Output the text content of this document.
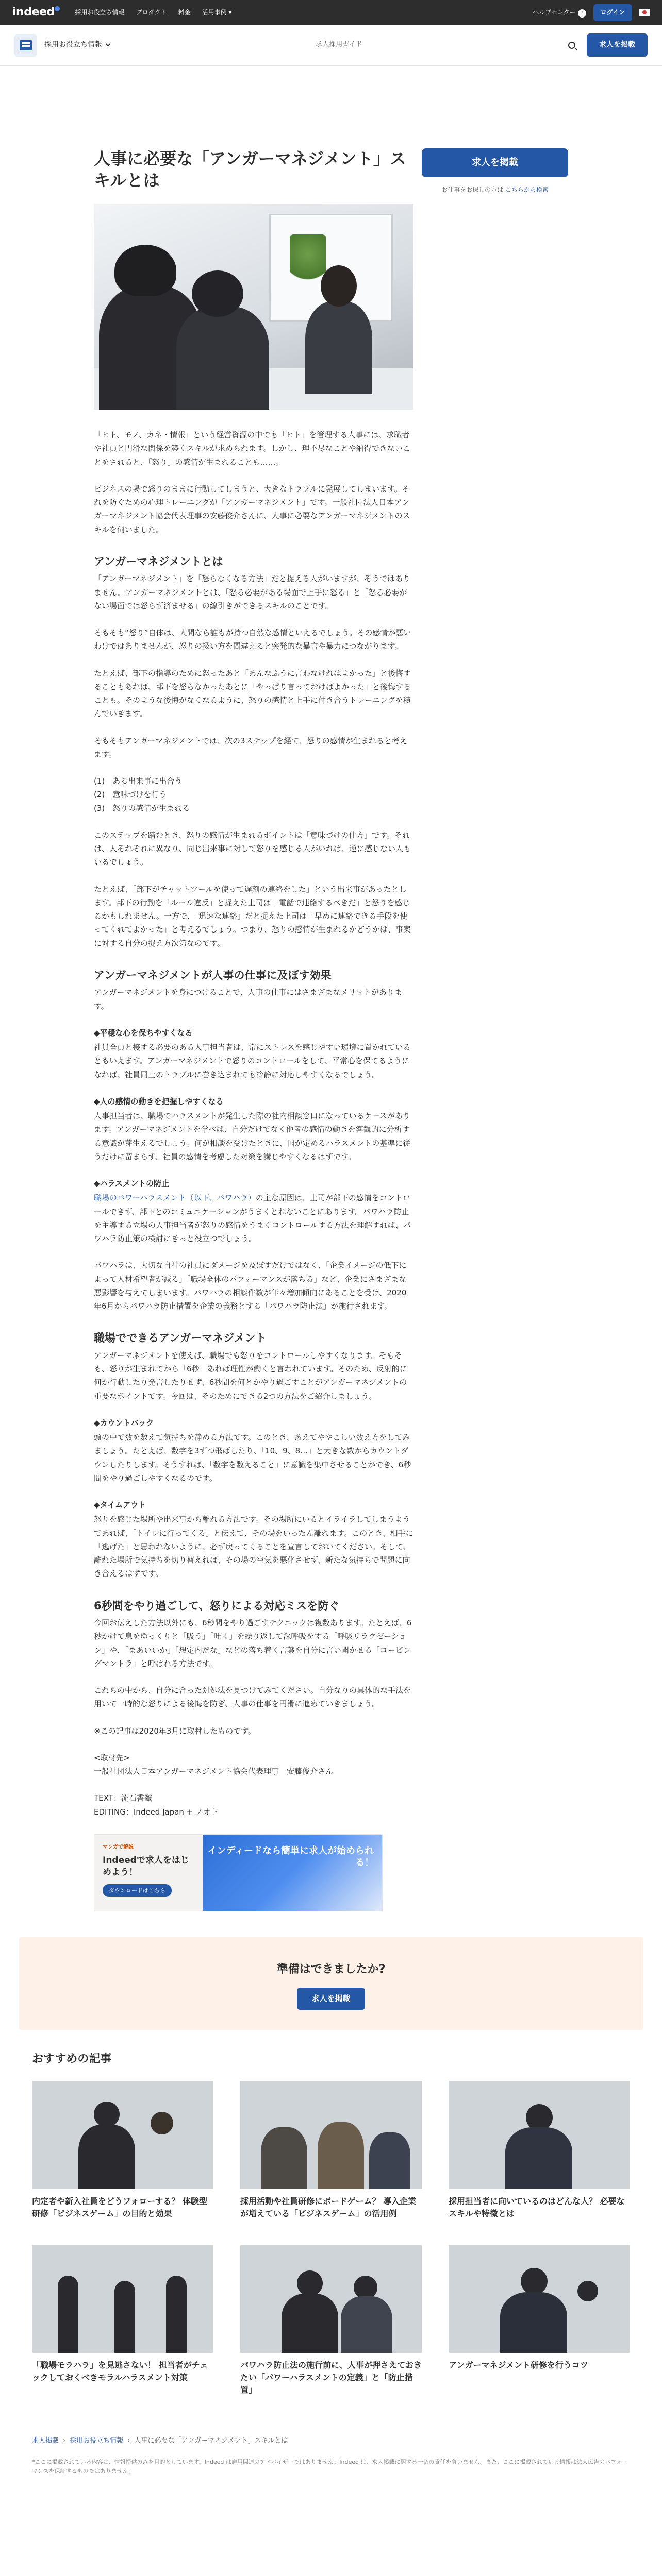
indeed	採用お役立ち情報 プロダクト 料金 活用事例 ▾	ヘルプセンター ?	ログイン
採用お役立ち情報	求人採用ガイド	求人を掲載
求人を掲載
お仕事をお探しの方は こちらから検索
人事に必要な「アンガーマネジメント」スキルとは

「ヒト、モノ、カネ・情報」という経営資源の中でも「ヒト」を管理する人事には、求職者や社員と円滑な関係を築くスキルが求められます。しかし、理不尽なことや納得できないことをされると、「怒り」の感情が生まれることも……。

ビジネスの場で怒りのままに行動してしまうと、大きなトラブルに発展してしまいます。それを防ぐための心理トレーニングが「アンガーマネジメント」です。一般社団法人日本アンガーマネジメント協会代表理事の安藤俊介さんに、人事に必要なアンガーマネジメントのスキルを伺いました。

アンガーマネジメントとは

「アンガーマネジメント」を「怒らなくなる方法」だと捉える人がいますが、そうではありません。アンガーマネジメントとは、「怒る必要がある場面で上手に怒る」と「怒る必要がない場面では怒らず済ませる」の線引きができるスキルのことです。

そもそも“怒り”自体は、人間なら誰もが持つ自然な感情といえるでしょう。その感情が悪いわけではありませんが、怒りの扱い方を間違えると突発的な暴言や暴力につながります。

たとえば、部下の指導のために怒ったあと「あんなふうに言わなければよかった」と後悔することもあれば、部下を怒らなかったあとに「やっぱり言っておけばよかった」と後悔することも。そのような後悔がなくなるように、怒りの感情と上手に付き合うトレーニングを積んでいきます。

そもそもアンガーマネジメントでは、次の3ステップを経て、怒りの感情が生まれると考えます。

(1)　ある出来事に出合う
(2)　意味づけを行う
(3)　怒りの感情が生まれる

このステップを踏むとき、怒りの感情が生まれるポイントは「意味づけの仕方」です。それは、人それぞれに異なり、同じ出来事に対して怒りを感じる人がいれば、逆に感じない人もいるでしょう。

たとえば、「部下がチャットツールを使って遅刻の連絡をした」という出来事があったとします。部下の行動を「ルール違反」と捉えた上司は「電話で連絡するべきだ」と怒りを感じるかもしれません。一方で、「迅速な連絡」だと捉えた上司は「早めに連絡できる手段を使ってくれてよかった」と考えるでしょう。つまり、怒りの感情が生まれるかどうかは、事案に対する自分の捉え方次第なのです。

アンガーマネジメントが人事の仕事に及ぼす効果

アンガーマネジメントを身につけることで、人事の仕事にはさまざまなメリットがあります。

◆平穏な心を保ちやすくなる

社員全員と接する必要のある人事担当者は、常にストレスを感じやすい環境に置かれているともいえます。アンガーマネジメントで怒りのコントロールをして、平常心を保てるようになれば、社員同士のトラブルに巻き込まれても冷静に対応しやすくなるでしょう。

◆人の感情の動きを把握しやすくなる

人事担当者は、職場でハラスメントが発生した際の社内相談窓口になっているケースがあります。アンガーマネジメントを学べば、自分だけでなく他者の感情の動きを客観的に分析する意識が芽生えるでしょう。何が相談を受けたときに、国が定めるハラスメントの基準に従うだけに留まらず、社員の感情を考慮した対策を講じやすくなるはずです。

◆ハラスメントの防止

職場のパワーハラスメント（以下、パワハラ）の主な原因は、上司が部下の感情をコントロールできず、部下とのコミュニケーションがうまくとれないことにあります。パワハラ防止を主導する立場の人事担当者が怒りの感情をうまくコントロールする方法を理解すれば、パワハラ防止策の検討にきっと役立つでしょう。

パワハラは、大切な自社の社員にダメージを及ぼすだけではなく、「企業イメージの低下によって人材希望者が減る」「職場全体のパフォーマンスが落ちる」など、企業にさまざまな悪影響を与えてしまいます。パワハラの相談件数が年々増加傾向にあることを受け、2020年6月からパワハラ防止措置を企業の義務とする「パワハラ防止法」が施行されます。

職場でできるアンガーマネジメント

アンガーマネジメントを使えば、職場でも怒りをコントロールしやすくなります。そもそも、怒りが生まれてから「6秒」あれば理性が働くと言われています。そのため、反射的に何か行動したり発言したりせず、6秒間を何とかやり過ごすことがアンガーマネジメントの重要なポイントです。今回は、そのためにできる2つの方法をご紹介しましょう。

◆カウントバック

頭の中で数を数えて気持ちを静める方法です。このとき、あえてややこしい数え方をしてみましょう。たとえば、数字を3ずつ飛ばしたり、「10、9、8…」と大きな数からカウントダウンしたりします。そうすれば、「数字を数えること」に意識を集中させることができ、6秒間をやり過ごしやすくなるのです。

◆タイムアウト

怒りを感じた場所や出来事から離れる方法です。その場所にいるとイライラしてしまうようであれば、「トイレに行ってくる」と伝えて、その場をいったん離れます。このとき、相手に「逃げた」と思われないように、必ず戻ってくることを宣言しておいてください。そして、離れた場所で気持ちを切り替えれば、その場の空気を悪化させず、新たな気持ちで問題に向き合えるはずです。

6秒間をやり過ごして、怒りによる対応ミスを防ぐ

今回お伝えした方法以外にも、6秒間をやり過ごすテクニックは複数あります。たとえば、6秒かけて息をゆっくりと「吸う」「吐く」を繰り返して深呼吸をする「呼吸リラクゼーション」や、「まあいいか」「想定内だな」などの落ち着く言葉を自分に言い聞かせる「コーピングマントラ」と呼ばれる方法です。

これらの中から、自分に合った対処法を見つけてみてください。自分なりの具体的な手法を用いて一時的な怒りによる後悔を防ぎ、人事の仕事を円滑に進めていきましょう。

※この記事は2020年3月に取材したものです。

<取材先>

一般社団法人日本アンガーマネジメント協会代表理事　安藤俊介さん

TEXT：流石香織

EDITING：Indeed Japan + ノオト

マンガで解説
Indeedで求人をはじめよう！
ダウンロードはこちら
インディードなら簡単に求人が始められる！
準備はできましたか?
求人を掲載
おすすめの記事
内定者や新入社員をどうフォローする？ 体験型研修「ビジネスゲーム」の目的と効果
採用活動や社員研修にボードゲーム？ 導入企業が増えている「ビジネスゲーム」の活用例
採用担当者に向いているのはどんな人？ 必要なスキルや特徴とは
「職場モラハラ」を見逃さない！ 担当者がチェックしておくべきモラルハラスメント対策
パワハラ防止法の施行前に、人事が押さえておきたい「パワーハラスメントの定義」と「防止措置」
アンガーマネジメント研修を行うコツ
求人掲載 › 採用お役立ち情報 › 人事に必要な「アンガーマネジメント」スキルとは
*ここに掲載されている内容は、情報提供のみを目的としています。Indeed は雇用関連のアドバイザーではありません。Indeed は、求人掲載に関する一切の責任を負いません。また、ここに掲載されている情報は法人広告のパフォーマンスを保証するものではありません。
